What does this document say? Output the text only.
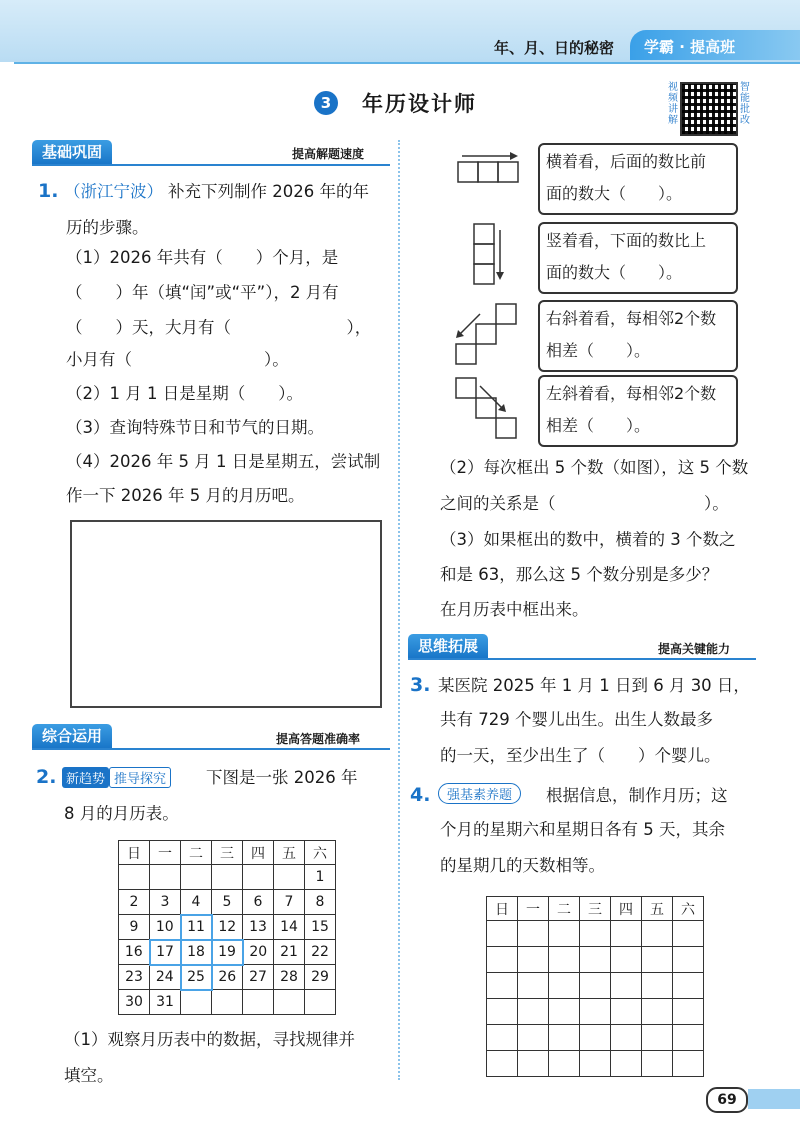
年、月、日的秘密 学霸 · 提高班
3	年历设计师
视频讲解
智能批改
基础巩固	提高解题速度
1. （浙江宁波） 补充下列制作 2026 年的年
历的步骤。
（1）2026 年共有（　　）个月，是
（　　）年（填“闰”或“平”），2 月有
（　　）天，大月有（　　　　　　　），
小月有（　　　　　　　　）。
（2）1 月 1 日是星期（　　）。
（3）查询特殊节日和节气的日期。
（4）2026 年 5 月 1 日是星期五，尝试制
作一下 2026 年 5 月的月历吧。
综合运用	提高答题准确率
2. 新趋势 推导探究	下图是一张 2026 年
8 月的月历表。
日	一	二	三	四	五	六
						1
2	3	4	5	6	7	8
9	10	11	12	13	14	15
16	17	18	19	20	21	22
23	24	25	26	27	28	29
30	31					
（1）观察月历表中的数据，寻找规律并
填空。
横着看，后面的数比前
面的数大（　　）。
竖着看，下面的数比上
面的数大（　　）。
右斜着看，每相邻2个数
相差（　　）。
左斜着看，每相邻2个数
相差（　　）。
（2）每次框出 5 个数（如图），这 5 个数
之间的关系是（　　　　　　　　　）。
（3）如果框出的数中，横着的 3 个数之
和是 63，那么这 5 个数分别是多少？
在月历表中框出来。
思维拓展	提高关键能力
3. 某医院 2025 年 1 月 1 日到 6 月 30 日，
共有 729 个婴儿出生。出生人数最多
的一天，至少出生了（　　）个婴儿。
4.	强基素养题	根据信息，制作月历；这
个月的星期六和星期日各有 5 天，其余
的星期几的天数相等。
日	一	二	三	四	五	六

69
